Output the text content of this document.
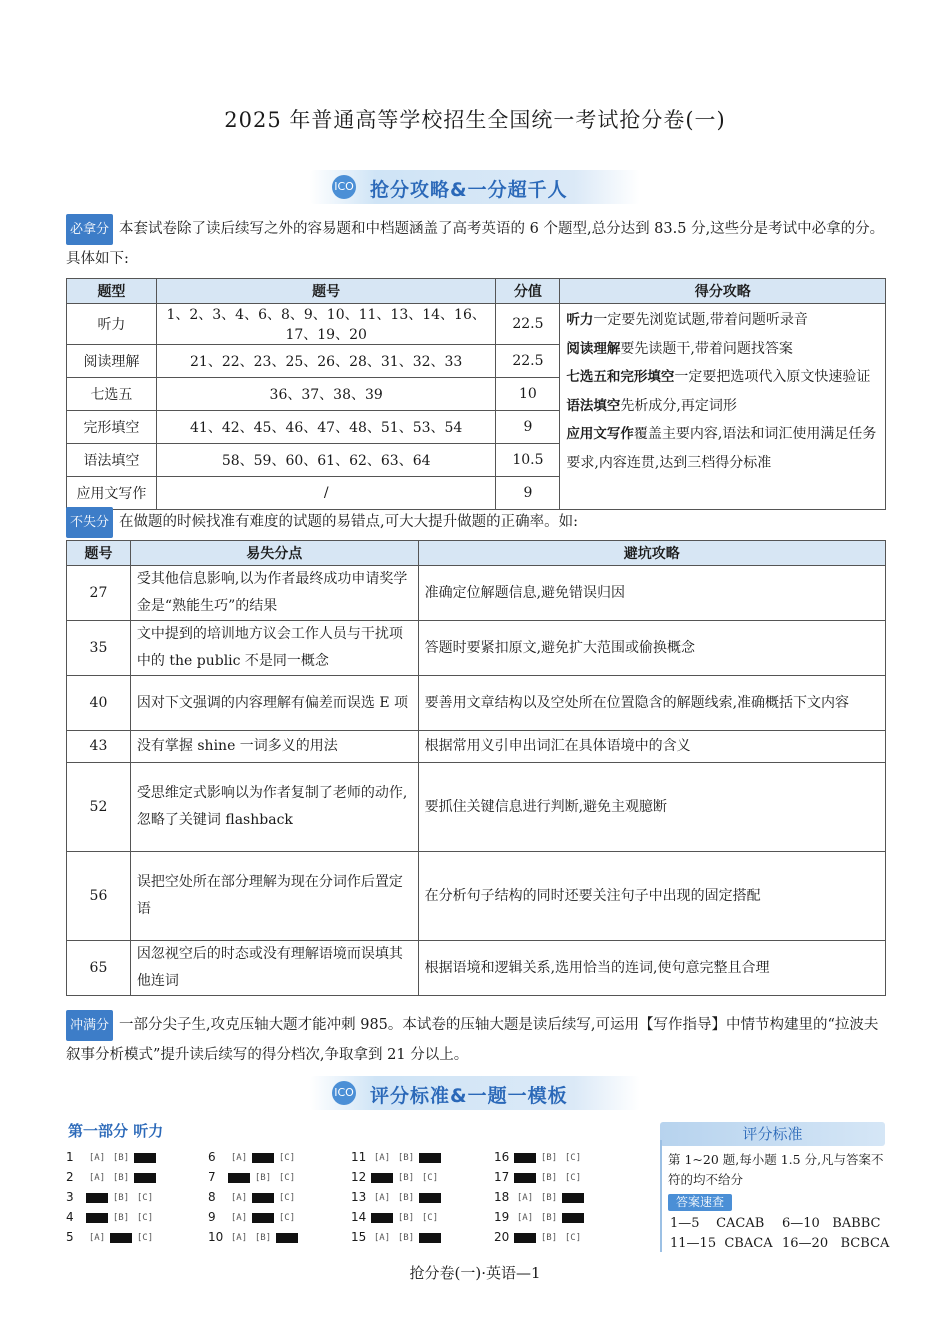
2025 年普通高等学校招生全国统一考试抢分卷(一)
ICO 抢分攻略&一分超千人
必拿分 本套试卷除了读后续写之外的容易题和中档题涵盖了高考英语的 6 个题型,总分达到 83.5 分,这些分是考试中必拿的分。具体如下:
题型	题号	分值	得分攻略
听力	1、2、3、4、6、8、9、10、11、13、14、16、17、19、20	22.5	听力一定要先浏览试题,带着问题听录音
阅读理解要先读题干,带着问题找答案
七选五和完形填空一定要把选项代入原文快速验证
语法填空先析成分,再定词形
应用文写作覆盖主要内容,语法和词汇使用满足任务要求,内容连贯,达到三档得分标准

阅读理解	21、22、23、25、26、28、31、32、33	22.5	
七选五	36、37、38、39	10	
完形填空	41、42、45、46、47、48、51、53、54	9	
语法填空	58、59、60、61、62、63、64	10.5	
应用文写作	/	9	
不失分 在做题的时候找准有难度的试题的易错点,可大大提升做题的正确率。如:
题号	易失分点	避坑攻略
27	受其他信息影响,以为作者最终成功申请奖学金是“熟能生巧”的结果	准确定位解题信息,避免错误归因
35	文中提到的培训地方议会工作人员与干扰项中的 the public 不是同一概念	答题时要紧扣原文,避免扩大范围或偷换概念
40	因对下文强调的内容理解有偏差而误选 E 项	要善用文章结构以及空处所在位置隐含的解题线索,准确概括下文内容
43	没有掌握 shine 一词多义的用法	根据常用义引申出词汇在具体语境中的含义
52	受思维定式影响以为作者复制了老师的动作,忽略了关键词 flashback	要抓住关键信息进行判断,避免主观臆断
56	误把空处所在部分理解为现在分词作后置定语	在分析句子结构的同时还要关注句子中出现的固定搭配
65	因忽视空后的时态或没有理解语境而误填其他连词	根据语境和逻辑关系,选用恰当的连词,使句意完整且合理
冲满分 一部分尖子生,攻克压轴大题才能冲刺 985。本试卷的压轴大题是读后续写,可运用【写作指导】中情节构建里的“拉波夫叙事分析模式”提升读后续写的得分档次,争取拿到 21 分以上。
ICO 评分标准&一题一模板
第一部分 听力
1 [A] [B]
2 [A] [B]
3	[B] [C]
4	[B] [C]
5 [A]	[C]
6 [A]	[C]
7	[B] [C]
8 [A]	[C]
9 [A]	[C]
10 [A] [B]
11 [A] [B]
12	[B] [C]
13 [A] [B]
14	[B] [C]
15 [A] [B]
16	[B] [C]
17	[B] [C]
18 [A] [B]
19 [A] [B]
20	[B] [C]
评分标准
第 1~20 题,每小题 1.5 分,凡与答案不符的均不给分
答案速查
1—5 CACAB 6—10 BABBC
11—15 CBACA 16—20 BCBCA
抢分卷(一)·英语—1
